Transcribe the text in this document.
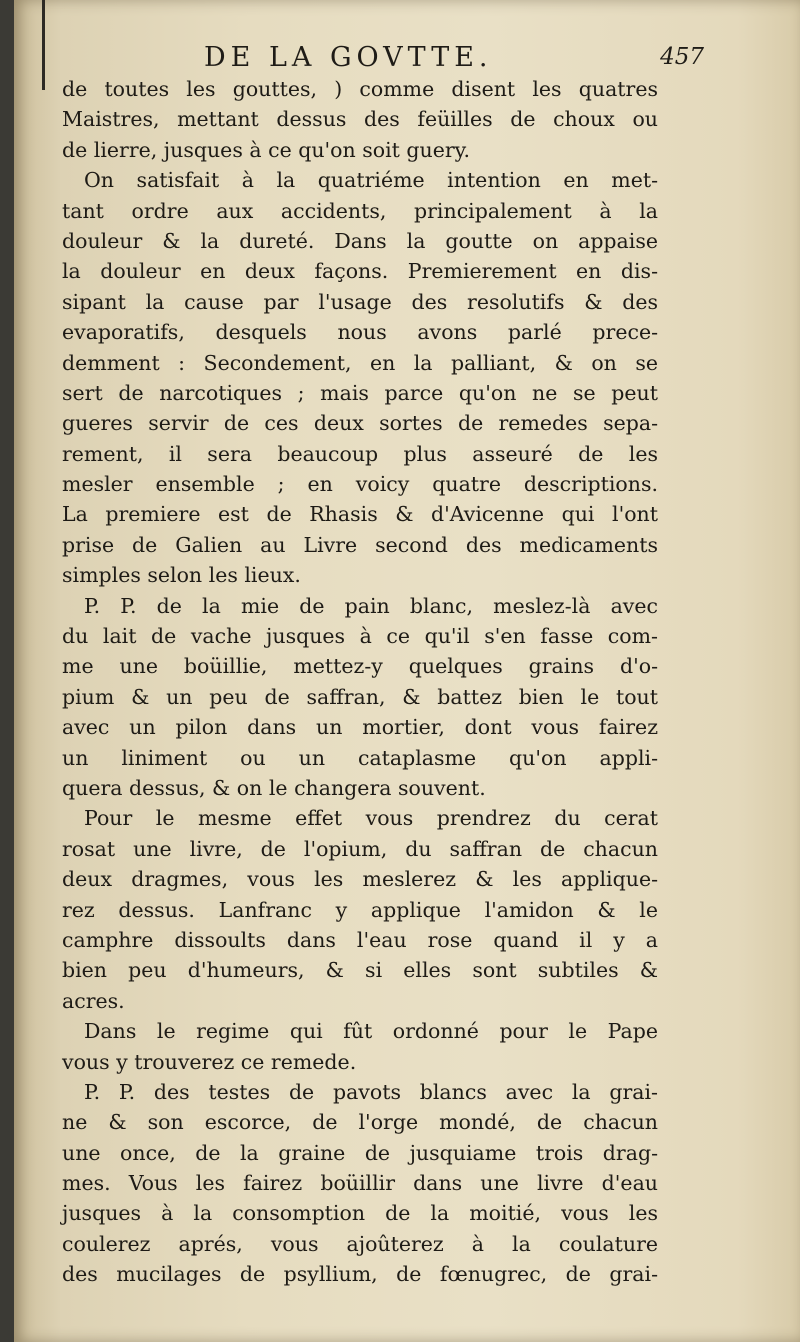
DE LA GOVTTE.	457
de toutes les gouttes, ) comme disent les quatres
Maistres, mettant dessus des feüilles de choux ou
de lierre, jusques à ce qu'on soit guery.
On satisfait à la quatriéme intention en met-
tant ordre aux accidents, principalement à la
douleur & la dureté. Dans la goutte on appaise
la douleur en deux façons. Premierement en dis-
sipant la cause par l'usage des resolutifs & des
evaporatifs, desquels nous avons parlé prece-
demment : Secondement, en la palliant, & on se
sert de narcotiques ; mais parce qu'on ne se peut
gueres servir de ces deux sortes de remedes sepa-
rement, il sera beaucoup plus asseuré de les
mesler ensemble ; en voicy quatre descriptions.
La premiere est de Rhasis & d'Avicenne qui l'ont
prise de Galien au Livre second des medicaments
simples selon les lieux.
P. P. de la mie de pain blanc, meslez-là avec
du lait de vache jusques à ce qu'il s'en fasse com-
me une boüillie, mettez-y quelques grains d'o-
pium & un peu de saffran, & battez bien le tout
avec un pilon dans un mortier, dont vous fairez
un liniment ou un cataplasme qu'on appli-
quera dessus, & on le changera souvent.
Pour le mesme effet vous prendrez du cerat
rosat une livre, de l'opium, du saffran de chacun
deux dragmes, vous les meslerez & les applique-
rez dessus. Lanfranc y applique l'amidon & le
camphre dissoults dans l'eau rose quand il y a
bien peu d'humeurs, & si elles sont subtiles &
acres.
Dans le regime qui fût ordonné pour le Pape
vous y trouverez ce remede.
P. P. des testes de pavots blancs avec la grai-
ne & son escorce, de l'orge mondé, de chacun
une once, de la graine de jusquiame trois drag-
mes. Vous les fairez boüillir dans une livre d'eau
jusques à la consomption de la moitié, vous les
coulerez aprés, vous ajoûterez à la coulature
des mucilages de psyllium, de fœnugrec, de grai-
